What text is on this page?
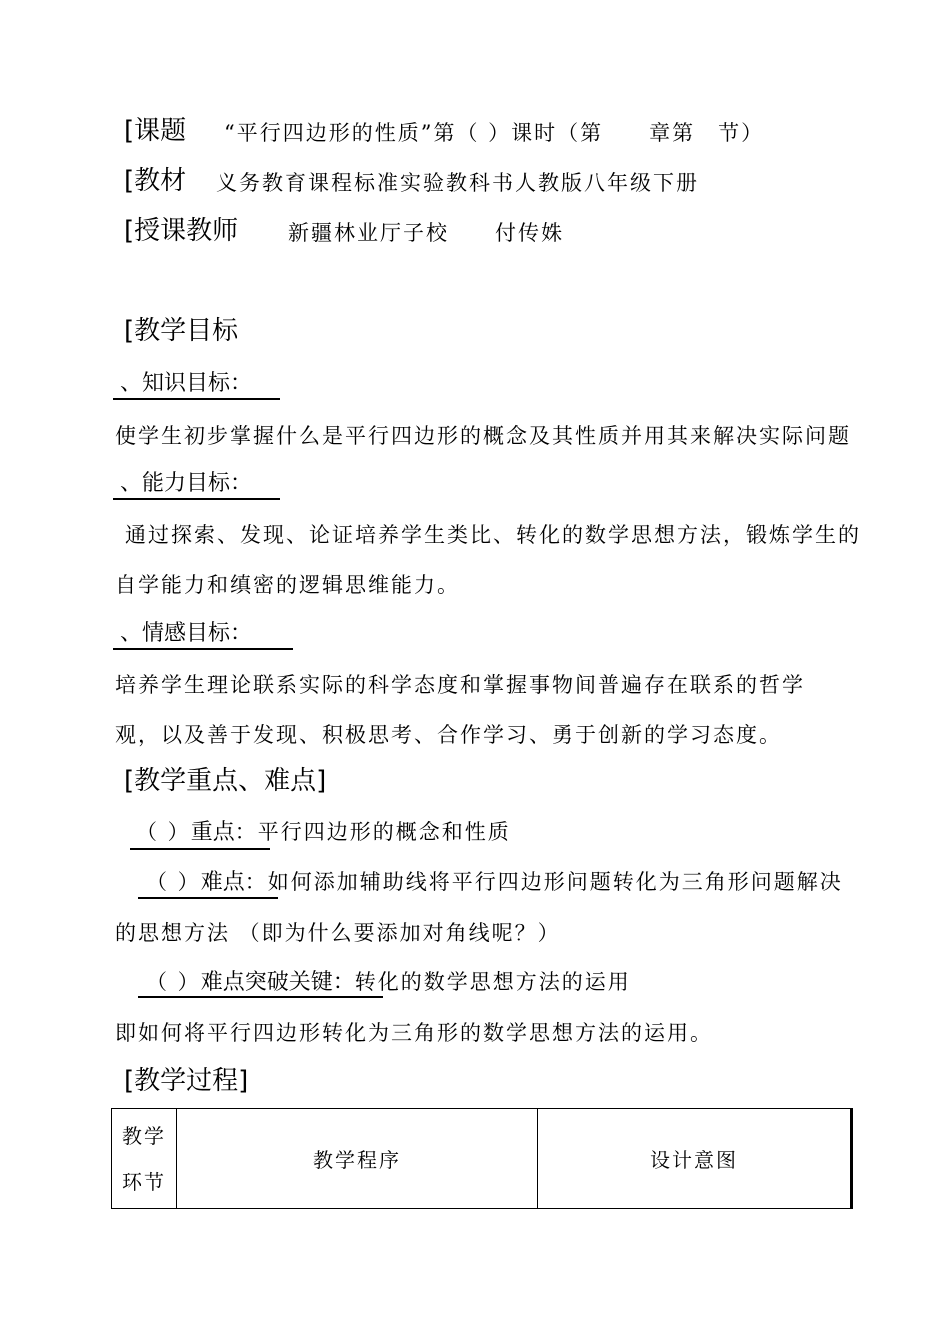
[课题 “平行四边形的性质”第（ ）课时（第　　章第　节）
[教材 义务教育课程标准实验教科书人教版八年级下册
[授课教师 新疆林业厅子校　　付传姝
[教学目标
、知识目标：
使学生初步掌握什么是平行四边形的概念及其性质并用其来解决实际问题
、能力目标：
通过探索、发现、论证培养学生类比、转化的数学思想方法，锻炼学生的
自学能力和缜密的逻辑思维能力。
、情感目标：
培养学生理论联系实际的科学态度和掌握事物间普遍存在联系的哲学
观，以及善于发现、积极思考、合作学习、勇于创新的学习态度。
[教学重点、难点]
（ ）重点：平行四边形的概念和性质
（ ）难点：如何添加辅助线将平行四边形问题转化为三角形问题解决
的思想方法 （即为什么要添加对角线呢？）
（ ）难点突破关键：转化的数学思想方法的运用
即如何将平行四边形转化为三角形的数学思想方法的运用。
[教学过程]
教学
环节
	教学程序	设计意图
